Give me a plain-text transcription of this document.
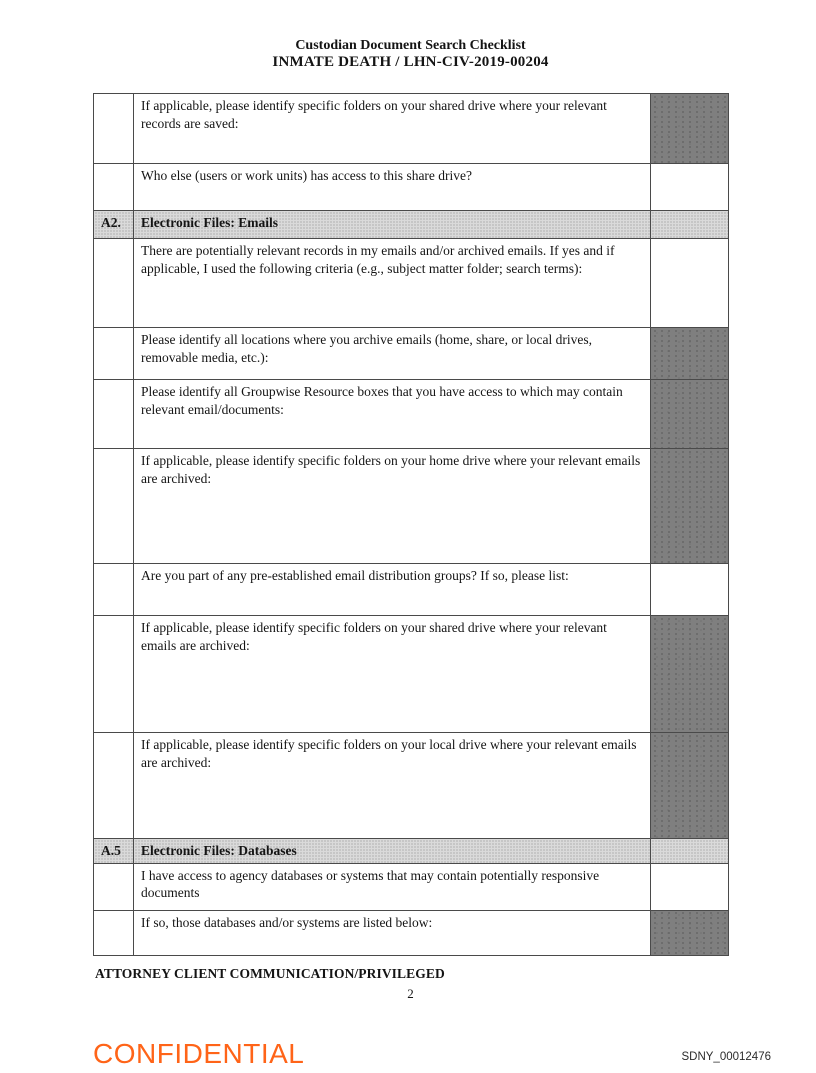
Custodian Document Search Checklist
INMATE DEATH / LHN-CIV-2019-00204
	If applicable, please identify specific folders on your shared drive where your relevant records are saved:	
	Who else (users or work units) has access to this share drive?	
A2.	Electronic Files: Emails	
	There are potentially relevant records in my emails and/or archived emails. If yes and if applicable, I used the following criteria (e.g., subject matter folder; search terms):	
	Please identify all locations where you archive emails (home, share, or local drives, removable media, etc.):	
	Please identify all Groupwise Resource boxes that you have access to which may contain relevant email/documents:	
	If applicable, please identify specific folders on your home drive where your relevant emails are archived:	
	Are you part of any pre-established email distribution groups? If so, please list:	
	If applicable, please identify specific folders on your shared drive where your relevant emails are archived:	
	If applicable, please identify specific folders on your local drive where your relevant emails are archived:	
A.5	Electronic Files: Databases	
	I have access to agency databases or systems that may contain potentially responsive documents	
	If so, those databases and/or systems are listed below:	
ATTORNEY CLIENT COMMUNICATION/PRIVILEGED
2
CONFIDENTIAL	SDNY_00012476
